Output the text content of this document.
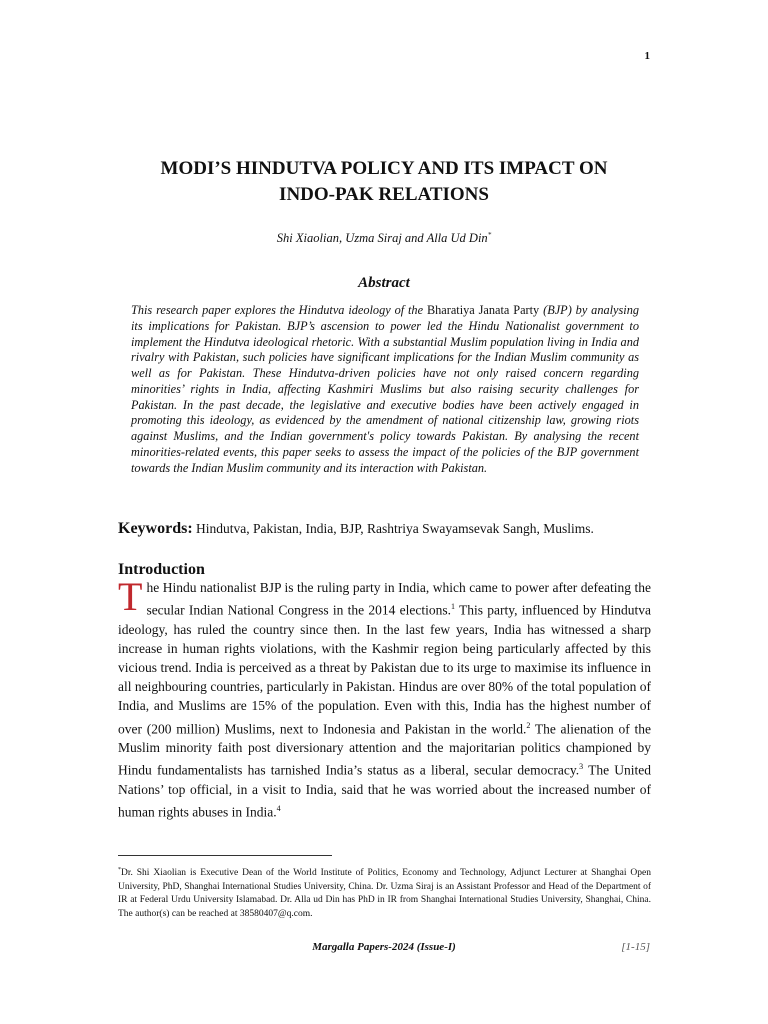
1
MODI’S HINDUTVA POLICY AND ITS IMPACT ON
INDO-PAK RELATIONS
Shi Xiaolian, Uzma Siraj and Alla Ud Din*
Abstract
This research paper explores the Hindutva ideology of the Bharatiya Janata Party (BJP) by analysing its implications for Pakistan. BJP’s ascension to power led the Hindu Nationalist government to implement the Hindutva ideological rhetoric. With a substantial Muslim population living in India and rivalry with Pakistan, such policies have significant implications for the Indian Muslim community as well as for Pakistan. These Hindutva-driven policies have not only raised concern regarding minorities’ rights in India, affecting Kashmiri Muslims but also raising security challenges for Pakistan. In the past decade, the legislative and executive bodies have been actively engaged in promoting this ideology, as evidenced by the amendment of national citizenship law, growing riots against Muslims, and the Indian government's policy towards Pakistan. By analysing the recent minorities-related events, this paper seeks to assess the impact of the policies of the BJP government towards the Indian Muslim community and its interaction with Pakistan.
Keywords: Hindutva, Pakistan, India, BJP, Rashtriya Swayamsevak Sangh, Muslims.
Introduction
The Hindu nationalist BJP is the ruling party in India, which came to power after defeating the secular Indian National Congress in the 2014 elections.$^1$ This party, influenced by Hindutva ideology, has ruled the country since then. In the last few years, India has witnessed a sharp increase in human rights violations, with the Kashmir region being particularly affected by this vicious trend. India is perceived as a threat by Pakistan due to its urge to maximise its influence in all neighbouring countries, particularly in Pakistan. Hindus are over 80% of the total population of India, and Muslims are 15% of the population. Even with this, India has the highest number of over (200 million) Muslims, next to Indonesia and Pakistan in the world.$^2$ The alienation of the Muslim minority faith post diversionary attention and the majoritarian politics championed by Hindu fundamentalists has tarnished India’s status as a liberal, secular democracy.$^3$ The United Nations’ top official, in a visit to India, said that he was worried about the increased number of human rights abuses in India.$^4$
*Dr. Shi Xiaolian is Executive Dean of the World Institute of Politics, Economy and Technology, Adjunct Lecturer at Shanghai Open University, PhD, Shanghai International Studies University, China. Dr. Uzma Siraj is an Assistant Professor and Head of the Department of IR at Federal Urdu University Islamabad. Dr. Alla ud Din has PhD in IR from Shanghai International Studies University, Shanghai, China. The author(s) can be reached at 38580407@q.com.
Margalla Papers-2024 (Issue-I)	[1-15]
